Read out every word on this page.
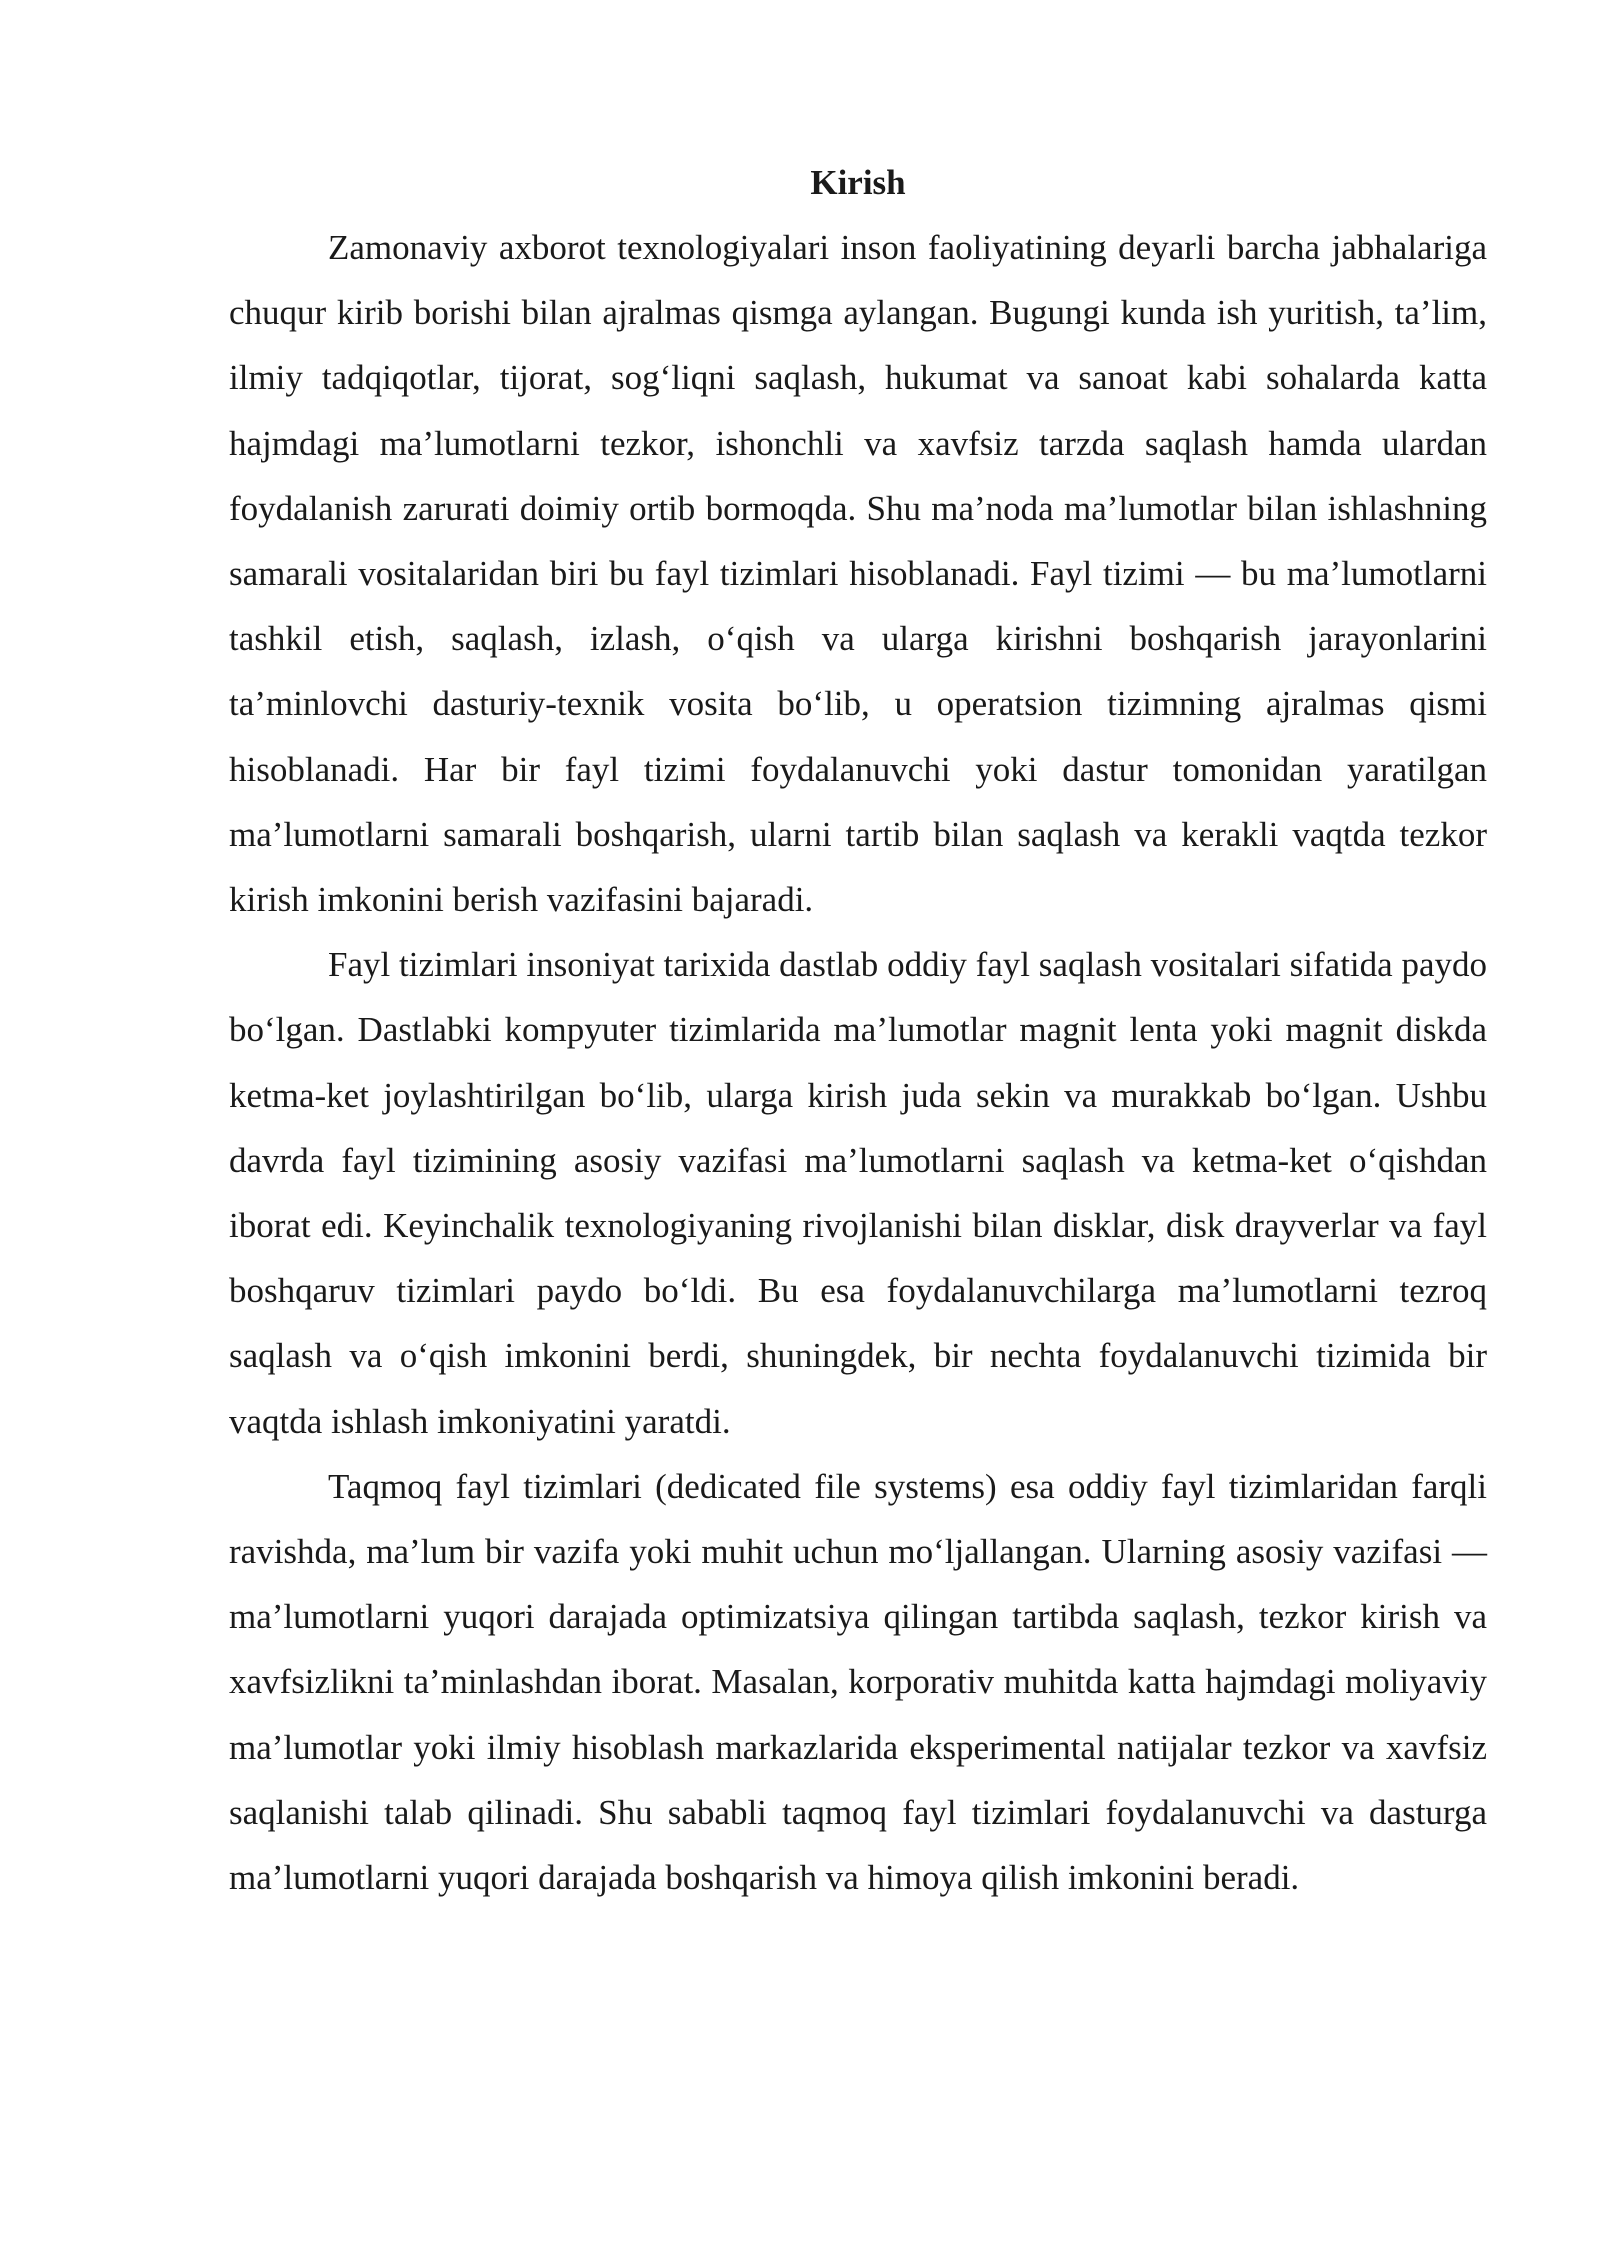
Kirish

Zamonaviy axborot texnologiyalari inson faoliyatining deyarli barcha jabhalariga chuqur kirib borishi bilan ajralmas qismga aylangan. Bugungi kunda ish yuritish, ta’lim, ilmiy tadqiqotlar, tijorat, sog‘liqni saqlash, hukumat va sanoat kabi sohalarda katta hajmdagi ma’lumotlarni tezkor, ishonchli va xavfsiz tarzda saqlash hamda ulardan foydalanish zarurati doimiy ortib bormoqda. Shu ma’noda ma’lumotlar bilan ishlashning samarali vositalaridan biri bu fayl tizimlari hisoblanadi. Fayl tizimi — bu ma’lumotlarni tashkil etish, saqlash, izlash, o‘qish va ularga kirishni boshqarish jarayonlarini ta’minlovchi dasturiy-texnik vosita bo‘lib, u operatsion tizimning ajralmas qismi hisoblanadi. Har bir fayl tizimi foydalanuvchi yoki dastur tomonidan yaratilgan ma’lumotlarni samarali boshqarish, ularni tartib bilan saqlash va kerakli vaqtda tezkor kirish imkonini berish vazifasini bajaradi.

Fayl tizimlari insoniyat tarixida dastlab oddiy fayl saqlash vositalari sifatida paydo bo‘lgan. Dastlabki kompyuter tizimlarida ma’lumotlar magnit lenta yoki magnit diskda ketma-ket joylashtirilgan bo‘lib, ularga kirish juda sekin va murakkab bo‘lgan. Ushbu davrda fayl tizimining asosiy vazifasi ma’lumotlarni saqlash va ketma-ket o‘qishdan iborat edi. Keyinchalik texnologiyaning rivojlanishi bilan disklar, disk drayverlar va fayl boshqaruv tizimlari paydo bo‘ldi. Bu esa foydalanuvchilarga ma’lumotlarni tezroq saqlash va o‘qish imkonini berdi, shuningdek, bir nechta foydalanuvchi tizimida bir vaqtda ishlash imkoniyatini yaratdi.

Taqmoq fayl tizimlari (dedicated file systems) esa oddiy fayl tizimlaridan farqli ravishda, ma’lum bir vazifa yoki muhit uchun mo‘ljallangan. Ularning asosiy vazifasi — ma’lumotlarni yuqori darajada optimizatsiya qilingan tartibda saqlash, tezkor kirish va xavfsizlikni ta’minlashdan iborat. Masalan, korporativ muhitda katta hajmdagi moliyaviy ma’lumotlar yoki ilmiy hisoblash markazlarida eksperimental natijalar tezkor va xavfsiz saqlanishi talab qilinadi. Shu sababli taqmoq fayl tizimlari foydalanuvchi va dasturga ma’lumotlarni yuqori darajada boshqarish va himoya qilish imkonini beradi.
